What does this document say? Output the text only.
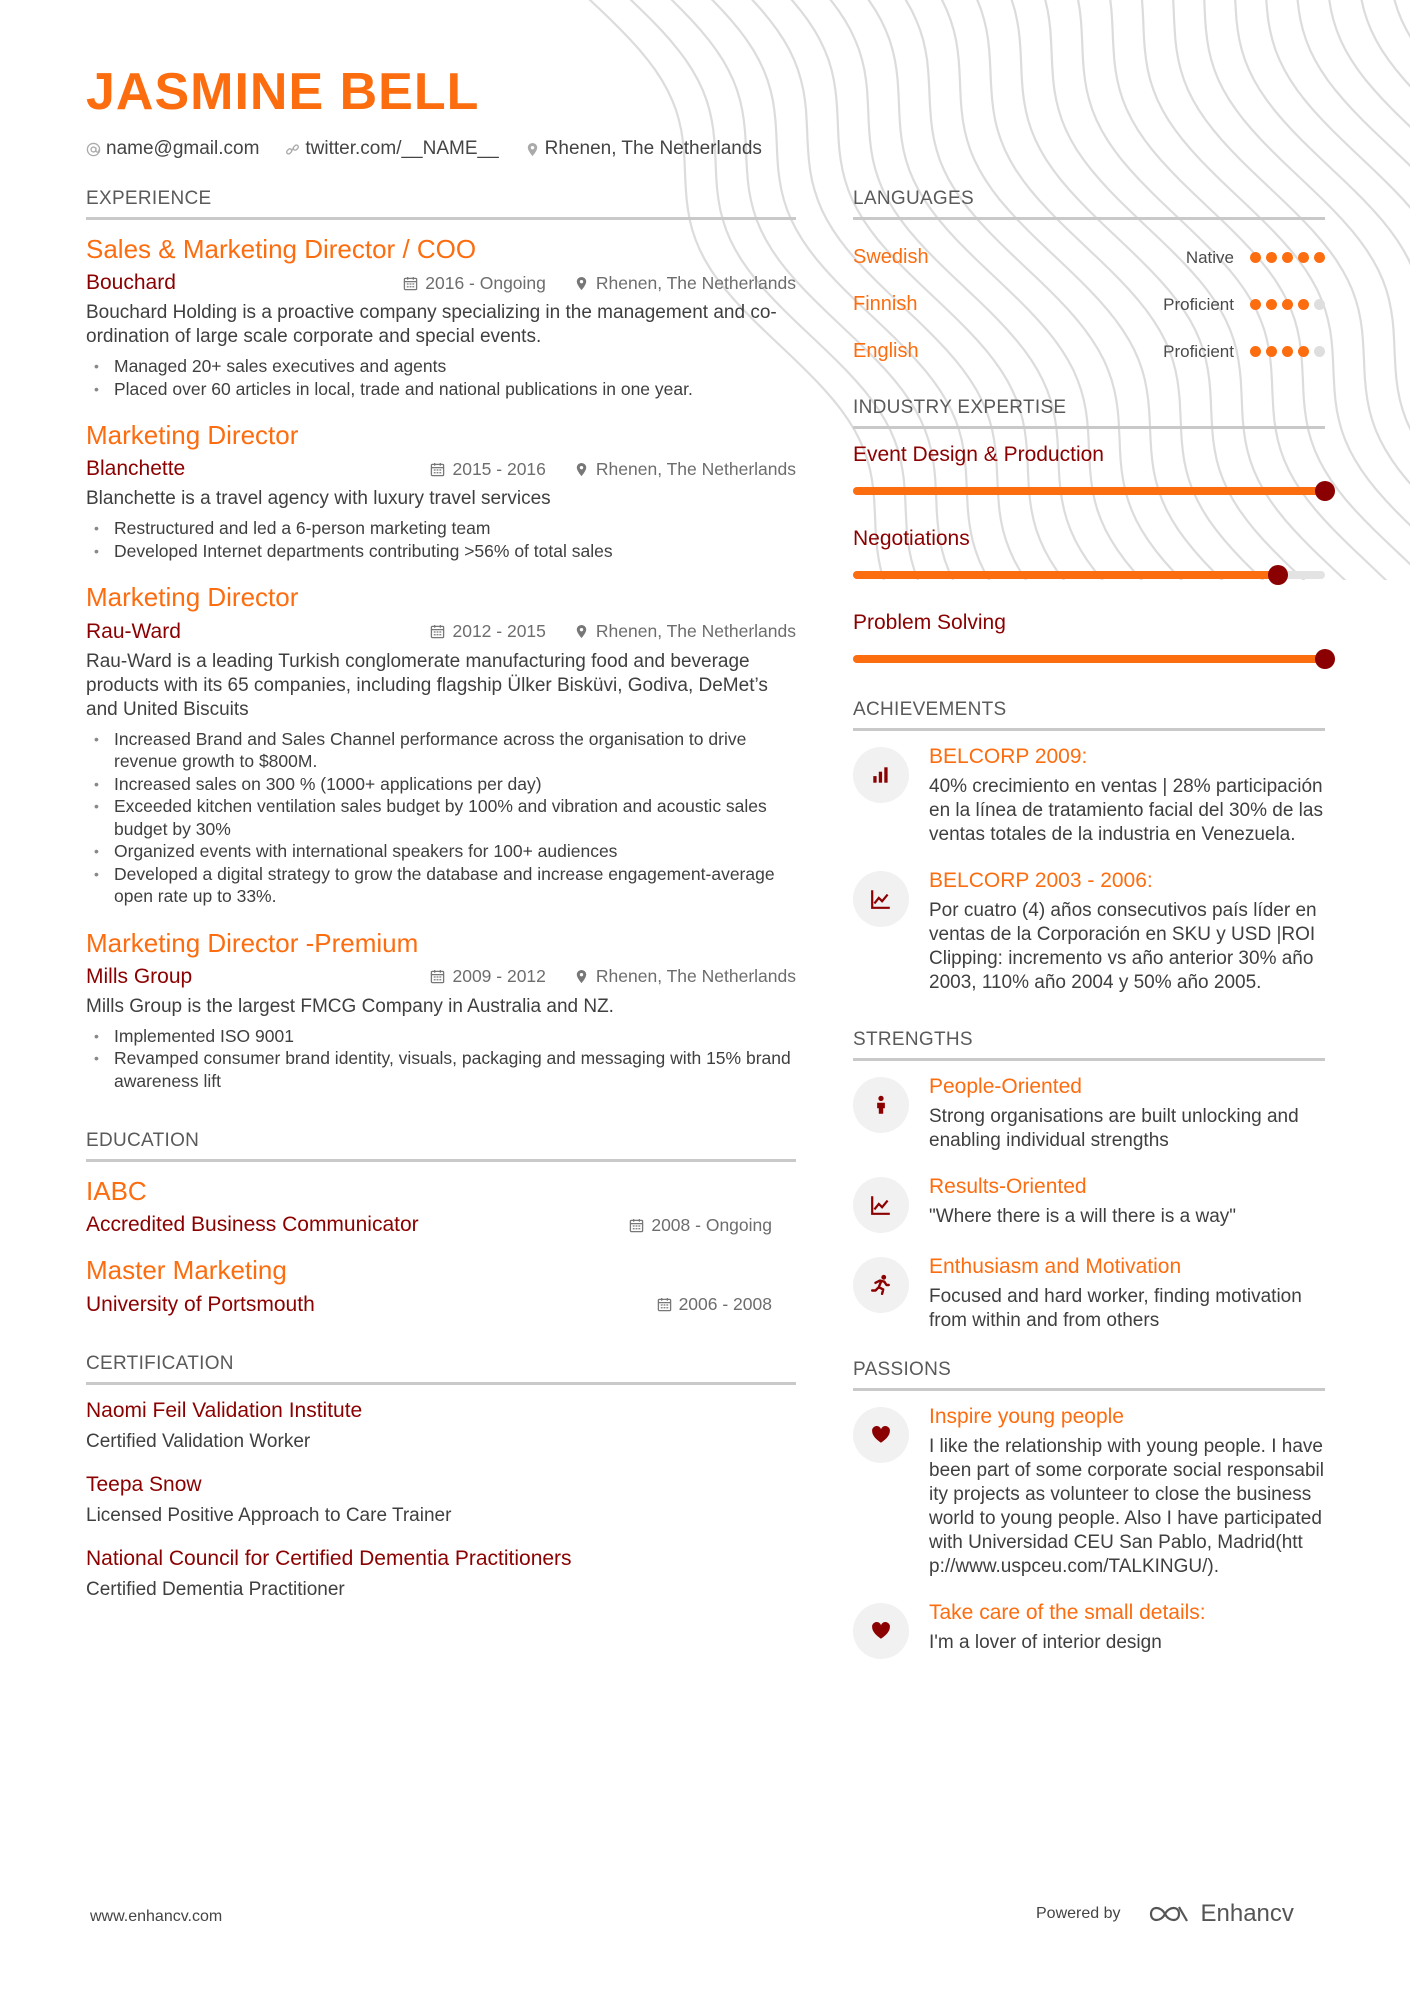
JASMINE BELL
name@gmail.com twitter.com/__NAME__ Rhenen, The Netherlands
EXPERIENCE
Sales & Marketing Director / COO
Bouchard	2016 - Ongoing	Rhenen, The Netherlands
Bouchard Holding is a proactive company specializing in the management and co-ordination of large scale corporate and special events.
• Managed 20+ sales executives and agents
• Placed over 60 articles in local, trade and national publications in one year.
Marketing Director
Blanchette	2015 - 2016	Rhenen, The Netherlands
Blanchette is a travel agency with luxury travel services
• Restructured and led a 6-person marketing team
• Developed Internet departments contributing >56% of total sales
Marketing Director
Rau-Ward	2012 - 2015	Rhenen, The Netherlands
Rau-Ward is a leading Turkish conglomerate manufacturing food and beverage products with its 65 companies, including flagship Ülker Bisküvi, Godiva, DeMet’s and United Biscuits
• Increased Brand and Sales Channel performance across the organisation to drive revenue growth to $800M.
• Increased sales on 300 % (1000+ applications per day)
• Exceeded kitchen ventilation sales budget by 100% and vibration and acoustic sales budget by 30%
• Organized events with international speakers for 100+ audiences
• Developed a digital strategy to grow the database and increase engagement-average open rate up to 33%.
Marketing Director -Premium
Mills Group	2009 - 2012	Rhenen, The Netherlands
Mills Group is the largest FMCG Company in Australia and NZ.
• Implemented ISO 9001
• Revamped consumer brand identity, visuals, packaging and messaging with 15% brand awareness lift
EDUCATION
IABC
Accredited Business Communicator	2008 - Ongoing
Master Marketing
University of Portsmouth	2006 - 2008
CERTIFICATION
Naomi Feil Validation Institute
Certified Validation Worker
Teepa Snow
Licensed Positive Approach to Care Trainer
National Council for Certified Dementia Practitioners
Certified Dementia Practitioner
LANGUAGES
Swedish	Native
Finnish	Proficient
English	Proficient
INDUSTRY EXPERTISE
Event Design & Production
Negotiations
Problem Solving
ACHIEVEMENTS
BELCORP 2009:
40% crecimiento en ventas | 28% participación en la línea de tratamiento facial del 30% de las ventas totales de la industria en Venezuela.
BELCORP 2003 - 2006:
Por cuatro (4) años consecutivos país líder en ventas de la Corporación en SKU y USD |ROI Clipping: incremento vs año anterior 30% año 2003, 110% año 2004 y 50% año 2005.
STRENGTHS
People-Oriented
Strong organisations are built unlocking and enabling individual strengths
Results-Oriented
"Where there is a will there is a way"
Enthusiasm and Motivation
Focused and hard worker, finding motivation from within and from others
PASSIONS
Inspire young people
I like the relationship with young people. I have been part of some corporate social responsability projects as volunteer to close the business world to young people. Also I have participated with Universidad CEU San Pablo, Madrid(http://www.uspceu.com/TALKINGU/).
Take care of the small details:
I'm a lover of interior design
www.enhancv.com	Powered by	Enhancv
